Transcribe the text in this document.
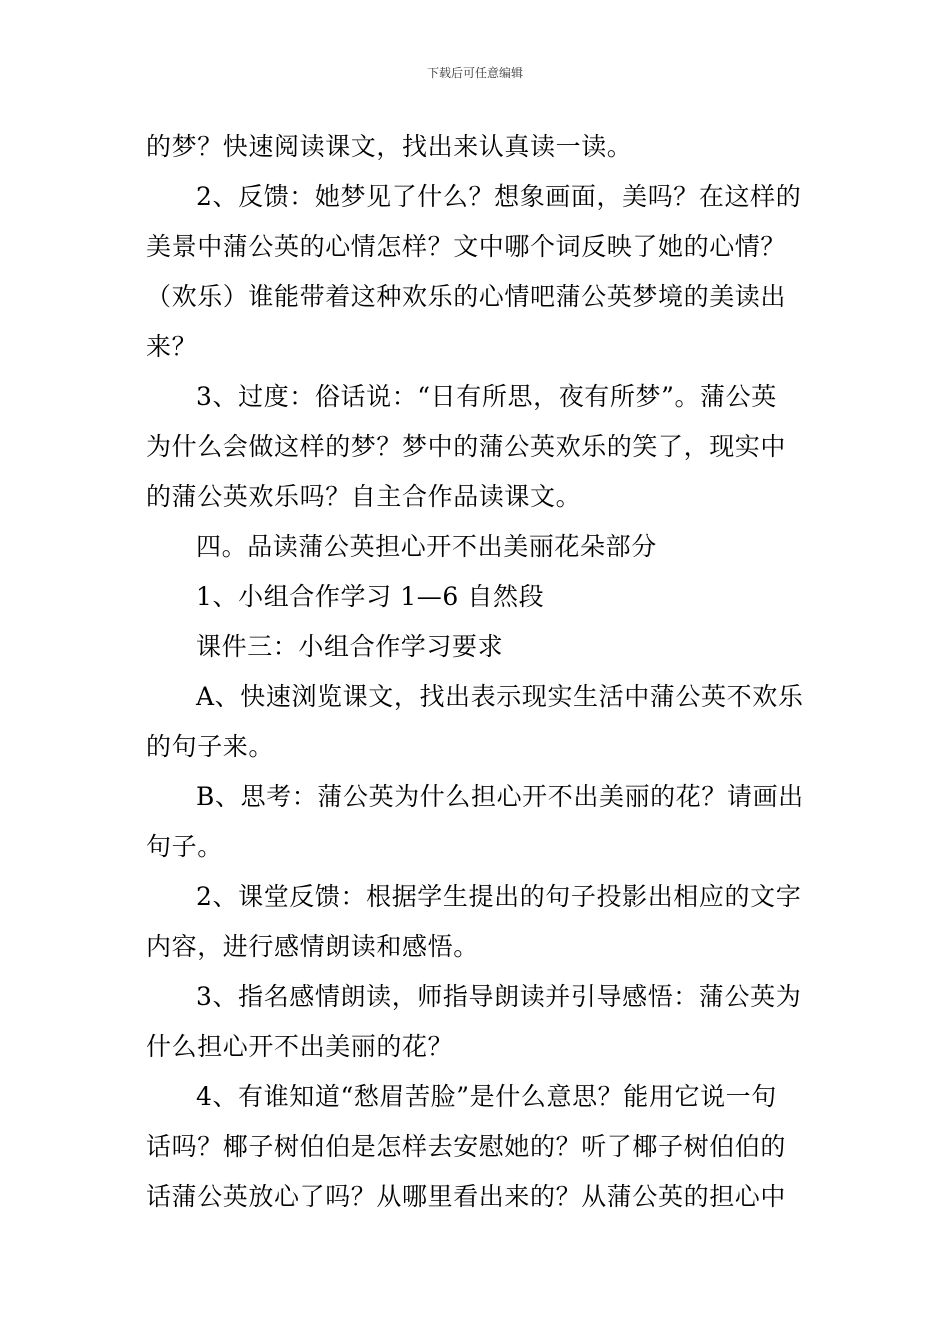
下载后可任意编辑
的梦？快速阅读课文，找出来认真读一读。
2、反馈：她梦见了什么？想象画面，美吗？在这样的
美景中蒲公英的心情怎样？文中哪个词反映了她的心情？
（欢乐）谁能带着这种欢乐的心情吧蒲公英梦境的美读出
来？
3、过度：俗话说：“日有所思，夜有所梦”。蒲公英
为什么会做这样的梦？梦中的蒲公英欢乐的笑了，现实中
的蒲公英欢乐吗？自主合作品读课文。
四。品读蒲公英担心开不出美丽花朵部分
1、小组合作学习 1—6 自然段
课件三：小组合作学习要求
A、快速浏览课文，找出表示现实生活中蒲公英不欢乐
的句子来。
B、思考：蒲公英为什么担心开不出美丽的花？请画出
句子。
2、课堂反馈：根据学生提出的句子投影出相应的文字
内容，进行感情朗读和感悟。
3、指名感情朗读，师指导朗读并引导感悟：蒲公英为
什么担心开不出美丽的花？
4、有谁知道“愁眉苦脸”是什么意思？能用它说一句
话吗？椰子树伯伯是怎样去安慰她的？听了椰子树伯伯的
话蒲公英放心了吗？从哪里看出来的？从蒲公英的担心中
